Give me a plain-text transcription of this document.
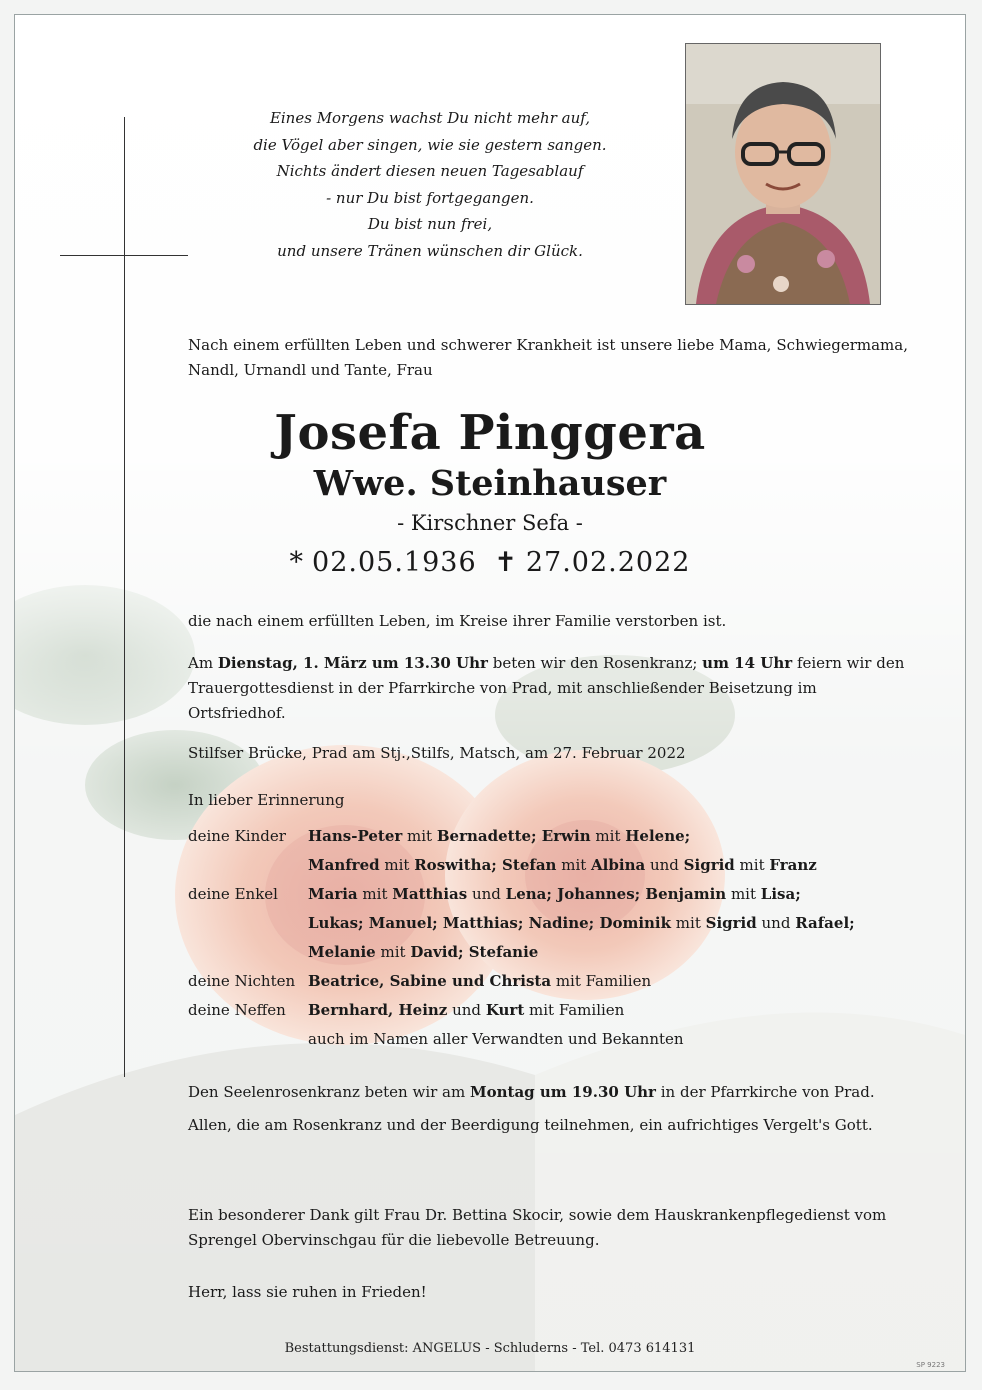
Eines Morgens wachst Du nicht mehr auf,
die Vögel aber singen, wie sie gestern sangen.
Nichts ändert diesen neuen Tagesablauf
- nur Du bist fortgegangen.
Du bist nun frei,
und unsere Tränen wünschen dir Glück.
Nach einem erfüllten Leben und schwerer Krankheit ist unsere liebe Mama, Schwiegermama, Nandl, Urnandl und Tante, Frau
Josefa Pinggera
Wwe. Steinhauser
- Kirschner Sefa -
* 02.05.1936 ✝ 27.02.2022
die nach einem erfüllten Leben, im Kreise ihrer Familie verstorben ist.
Am Dienstag, 1. März um 13.30 Uhr beten wir den Rosenkranz; um 14 Uhr feiern wir den Trauergottesdienst in der Pfarrkirche von Prad, mit anschließender Beisetzung im Ortsfriedhof.
Stilfser Brücke, Prad am Stj.,Stilfs, Matsch, am 27. Februar 2022
In lieber Erinnerung
deine Kinder Hans-Peter mit Bernadette; Erwin mit Helene;
Manfred mit Roswitha; Stefan mit Albina und Sigrid mit Franz
deine Enkel Maria mit Matthias und Lena; Johannes; Benjamin mit Lisa;
Lukas; Manuel; Matthias; Nadine; Dominik mit Sigrid und Rafael;
Melanie mit David; Stefanie
deine Nichten Beatrice, Sabine und Christa mit Familien
deine Neffen Bernhard, Heinz und Kurt mit Familien
auch im Namen aller Verwandten und Bekannten
Den Seelenrosenkranz beten wir am Montag um 19.30 Uhr in der Pfarrkirche von Prad.
Allen, die am Rosenkranz und der Beerdigung teilnehmen, ein aufrichtiges Vergelt's Gott.
Ein besonderer Dank gilt Frau Dr. Bettina Skocir, sowie dem Hauskrankenpflegedienst vom Sprengel Obervinschgau für die liebevolle Betreuung.
Herr, lass sie ruhen in Frieden!
Bestattungsdienst: ANGELUS - Schluderns - Tel. 0473 614131
SP 9223
